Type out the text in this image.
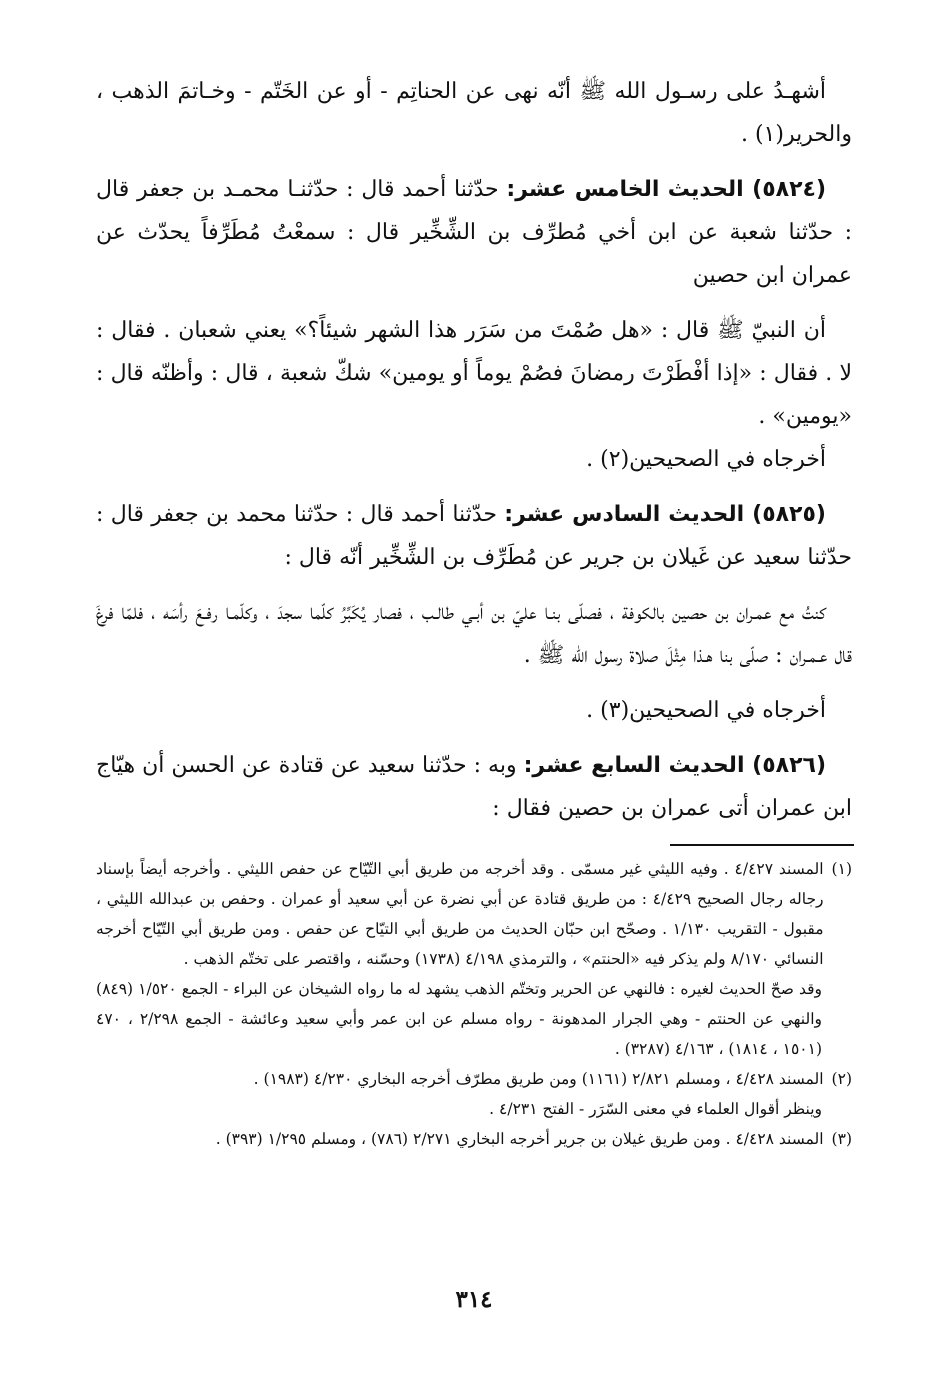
أشهـدُ على رسـول الله ﷺ أنّه نهى عن الحناتِم - أو عن الخَتّم - وخـاتمَ الذهب ، والحرير(١) .

(٥٨٢٤) الحديث الخامس عشر: حدّثنا أحمد قال : حدّثنـا محمـد بن جعفر قال : حدّثنا شعبة عن ابن أخي مُطرِّف بن الشِّخِّير قال : سمعْتُ مُطَرِّفاً يحدّث عن عمران ابن حصين

أن النبيّ ﷺ قال : «هل صُمْتَ من سَرَر هذا الشهر شيئاً؟» يعني شعبان . فقال : لا . فقال : «إذا أفْطَرْتَ رمضانَ فصُمْ يوماً أو يومين» شكّ شعبة ، قال : وأظنّه قال : «يومين» .

أخرجاه في الصحيحين(٢) .

(٥٨٢٥) الحديث السادس عشر: حدّثنا أحمد قال : حدّثنا محمد بن جعفر قال : حدّثنا سعيد عن غَيلان بن جرير عن مُطَرِّف بن الشِّخِّير أنّه قال :

كنتُ مع عمـران بن حصين بالكوفة ، فصلّى بنـا عليّ بن أبـي طالـب ، فصار يُكَبِّرُ كلّما سجدَ ، وكلّمـا رفـعَ رأسَه ، فلمّا فرغَ قال عـمـران : صلّى بنا هـذا مِثْلَ صلاة رسول الله ﷺ .

أخرجاه في الصحيحين(٣) .

(٥٨٢٦) الحديث السابع عشر: وبه : حدّثنا سعيد عن قتادة عن الحسن أن هيّاج ابن عمران أتى عمران بن حصين فقال :

(١)
المسند ٤/٤٢٧ . وفيه الليثي غير مسمّى . وقد أخرجه من طريق أبي التّيّاح عن حفص الليثي . وأخرجه أيضاً بإسناد رجاله رجال الصحيح ٤/٤٢٩ : من طريق قتادة عن أبي نضرة عن أبي سعيد أو عمران . وحفص بن عبدالله الليثي ، مقبول - التقريب ١/١٣٠ . وصحّح ابن حبّان الحديث من طريق أبي التيّاح عن حفص . ومن طريق أبي التّيّاح أخرجه النسائي ٨/١٧٠ ولم يذكر فيه «الحنتم» ، والترمذي ٤/١٩٨ (١٧٣٨) وحسّنه ، واقتصر على تختّم الذهب .

وقد صحّ الحديث لغيره : فالنهي عن الحرير وتختّم الذهب يشهد له ما رواه الشيخان عن البراء - الجمع ١/٥٢٠ (٨٤٩) والنهي عن الحنتم - وهي الجرار المدهونة - رواه مسلم عن ابن عمر وأبي سعيد وعائشة - الجمع ٢/٢٩٨ ، ٤٧٠ (١٥٠١ ، ١٨١٤) ، ٤/١٦٣ (٣٢٨٧) .

(٢)
المسند ٤/٤٢٨ ، ومسلم ٢/٨٢١ (١١٦١) ومن طريق مطرّف أخرجه البخاري ٤/٢٣٠ (١٩٨٣) .

وينظر أقوال العلماء في معنى السّرَر - الفتح ٤/٢٣١ .

(٣)
المسند ٤/٤٢٨ . ومن طريق غيلان بن جرير أخرجه البخاري ٢/٢٧١ (٧٨٦) ، ومسلم ١/٢٩٥ (٣٩٣) .
٣١٤
